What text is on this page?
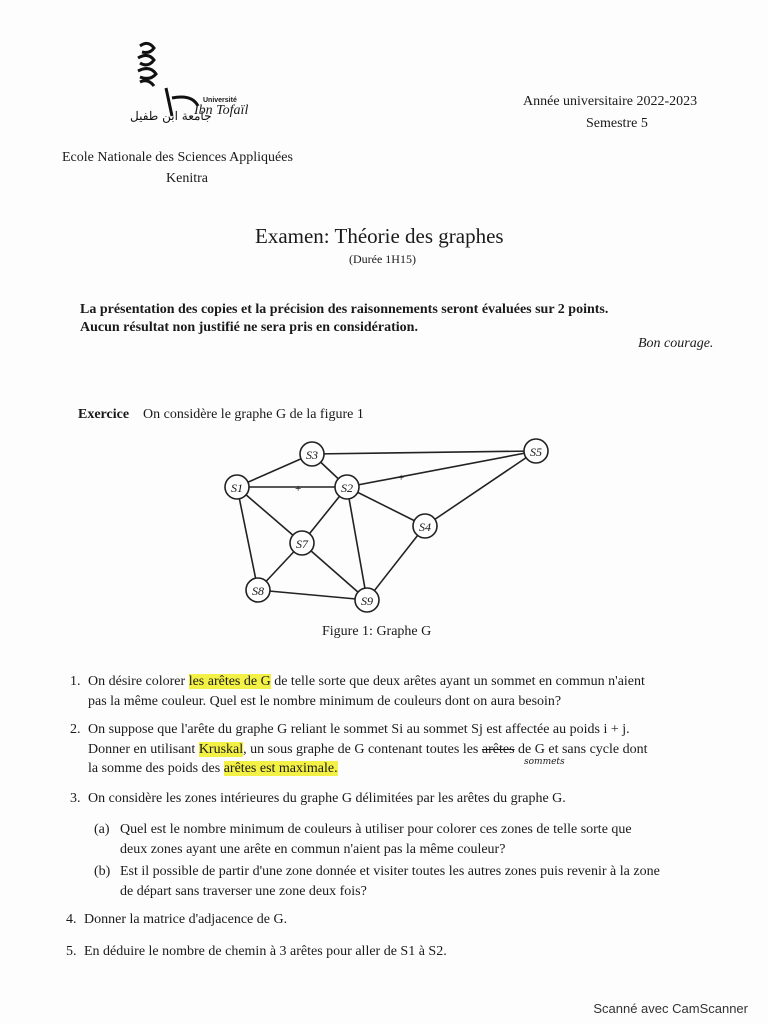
جامعة ابن طفيل
Université
Ibn Tofaïl
Année universitaire 2022-2023
Semestre 5
Ecole Nationale des Sciences Appliquées
Kenitra
Examen: Théorie des graphes
(Durée 1H15)
La présentation des copies et la précision des raisonnements seront évaluées sur 2 points.
Aucun résultat non justifié ne sera pris en considération.
Bon courage.
Exercice On considère le graphe G de la figure 1
+
+
S1	S2
S3
S4
S5
S7
S8
S9
Figure 1: Graphe G
1. On désire colorer les arêtes de G de telle sorte que deux arêtes ayant un sommet en commun n'aient
pas la même couleur. Quel est le nombre minimum de couleurs dont on aura besoin?
2. On suppose que l'arête du graphe G reliant le sommet Si au sommet Sj est affectée au poids i + j.
Donner en utilisant Kruskal, un sous graphe de G contenant toutes les arêtes de G et sans cycle dont
la somme des poids des arêtes est maximale.	sommets
3. On considère les zones intérieures du graphe G délimitées par les arêtes du graphe G.
(a) Quel est le nombre minimum de couleurs à utiliser pour colorer ces zones de telle sorte que
deux zones ayant une arête en commun n'aient pas la même couleur?
(b) Est il possible de partir d'une zone donnée et visiter toutes les autres zones puis revenir à la zone
de départ sans traverser une zone deux fois?
4. Donner la matrice d'adjacence de G.
5. En déduire le nombre de chemin à 3 arêtes pour aller de S1 à S2.
Scanné avec CamScanner
